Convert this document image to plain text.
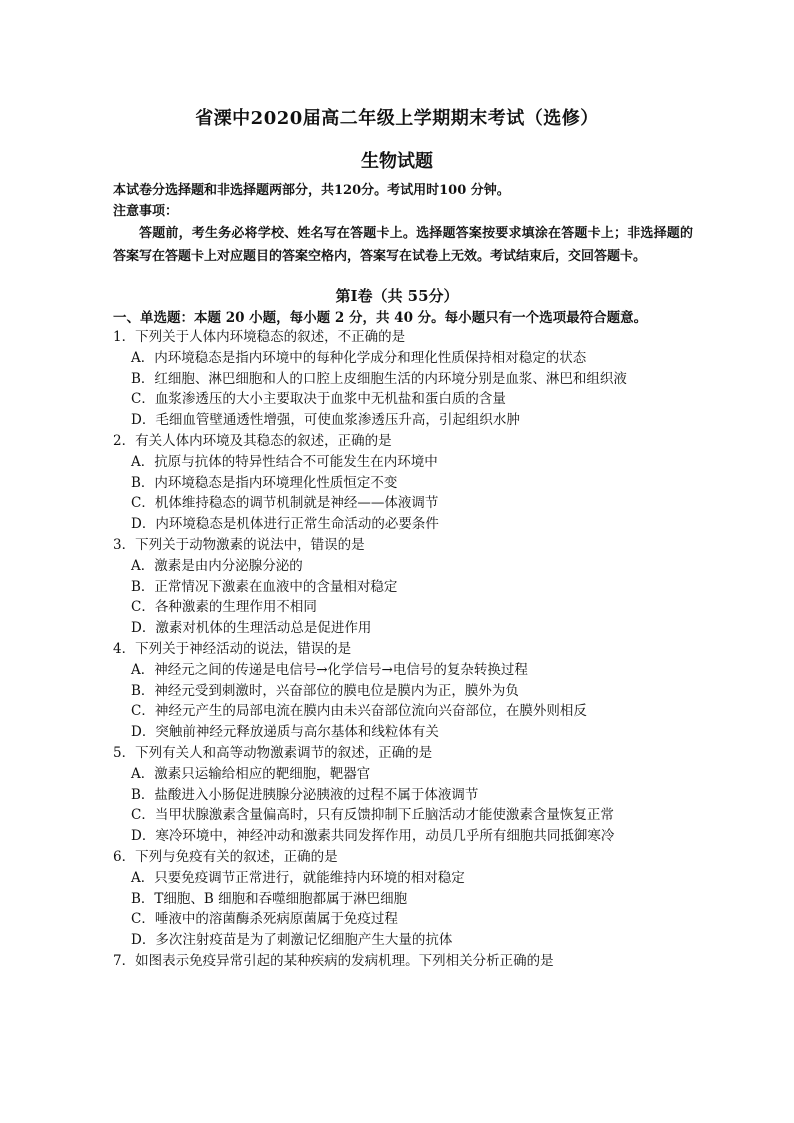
省溧中2020届高二年级上学期期末考试（选修）
生物试题
本试卷分选择题和非选择题两部分，共120分。考试用时100 分钟。
注意事项：
答题前，考生务必将学校、姓名写在答题卡上。选择题答案按要求填涂在答题卡上；非选择题的答案写在答题卡上对应题目的答案空格内，答案写在试卷上无效。考试结束后，交回答题卡。
第Ⅰ卷（共 55分）
一、单选题：本题 20 小题，每小题 2 分，共 40 分。每小题只有一个选项最符合题意。
1．下列关于人体内环境稳态的叙述，不正确的是
A．内环境稳态是指内环境中的每种化学成分和理化性质保持相对稳定的状态
B．红细胞、淋巴细胞和人的口腔上皮细胞生活的内环境分别是血浆、淋巴和组织液
C．血浆渗透压的大小主要取决于血浆中无机盐和蛋白质的含量
D．毛细血管壁通透性增强，可使血浆渗透压升高，引起组织水肿
2．有关人体内环境及其稳态的叙述，正确的是
A．抗原与抗体的特异性结合不可能发生在内环境中
B．内环境稳态是指内环境理化性质恒定不变
C．机体维持稳态的调节机制就是神经——体液调节
D．内环境稳态是机体进行正常生命活动的必要条件
3．下列关于动物激素的说法中，错误的是
A．激素是由内分泌腺分泌的
B．正常情况下激素在血液中的含量相对稳定
C．各种激素的生理作用不相同
D．激素对机体的生理活动总是促进作用
4．下列关于神经活动的说法，错误的是
A．神经元之间的传递是电信号→化学信号→电信号的复杂转换过程
B．神经元受到刺激时，兴奋部位的膜电位是膜内为正，膜外为负
C．神经元产生的局部电流在膜内由未兴奋部位流向兴奋部位，在膜外则相反
D．突触前神经元释放递质与高尔基体和线粒体有关
5．下列有关人和高等动物激素调节的叙述，正确的是
A．激素只运输给相应的靶细胞，靶器官
B．盐酸进入小肠促进胰腺分泌胰液的过程不属于体液调节
C．当甲状腺激素含量偏高时，只有反馈抑制下丘脑活动才能使激素含量恢复正常
D．寒冷环境中，神经冲动和激素共同发挥作用，动员几乎所有细胞共同抵御寒冷
6．下列与免疫有关的叙述，正确的是
A．只要免疫调节正常进行，就能维持内环境的相对稳定
B．T细胞、B 细胞和吞噬细胞都属于淋巴细胞
C．唾液中的溶菌酶杀死病原菌属于免疫过程
D．多次注射疫苗是为了刺激记忆细胞产生大量的抗体
7．如图表示免疫异常引起的某种疾病的发病机理。下列相关分析正确的是
